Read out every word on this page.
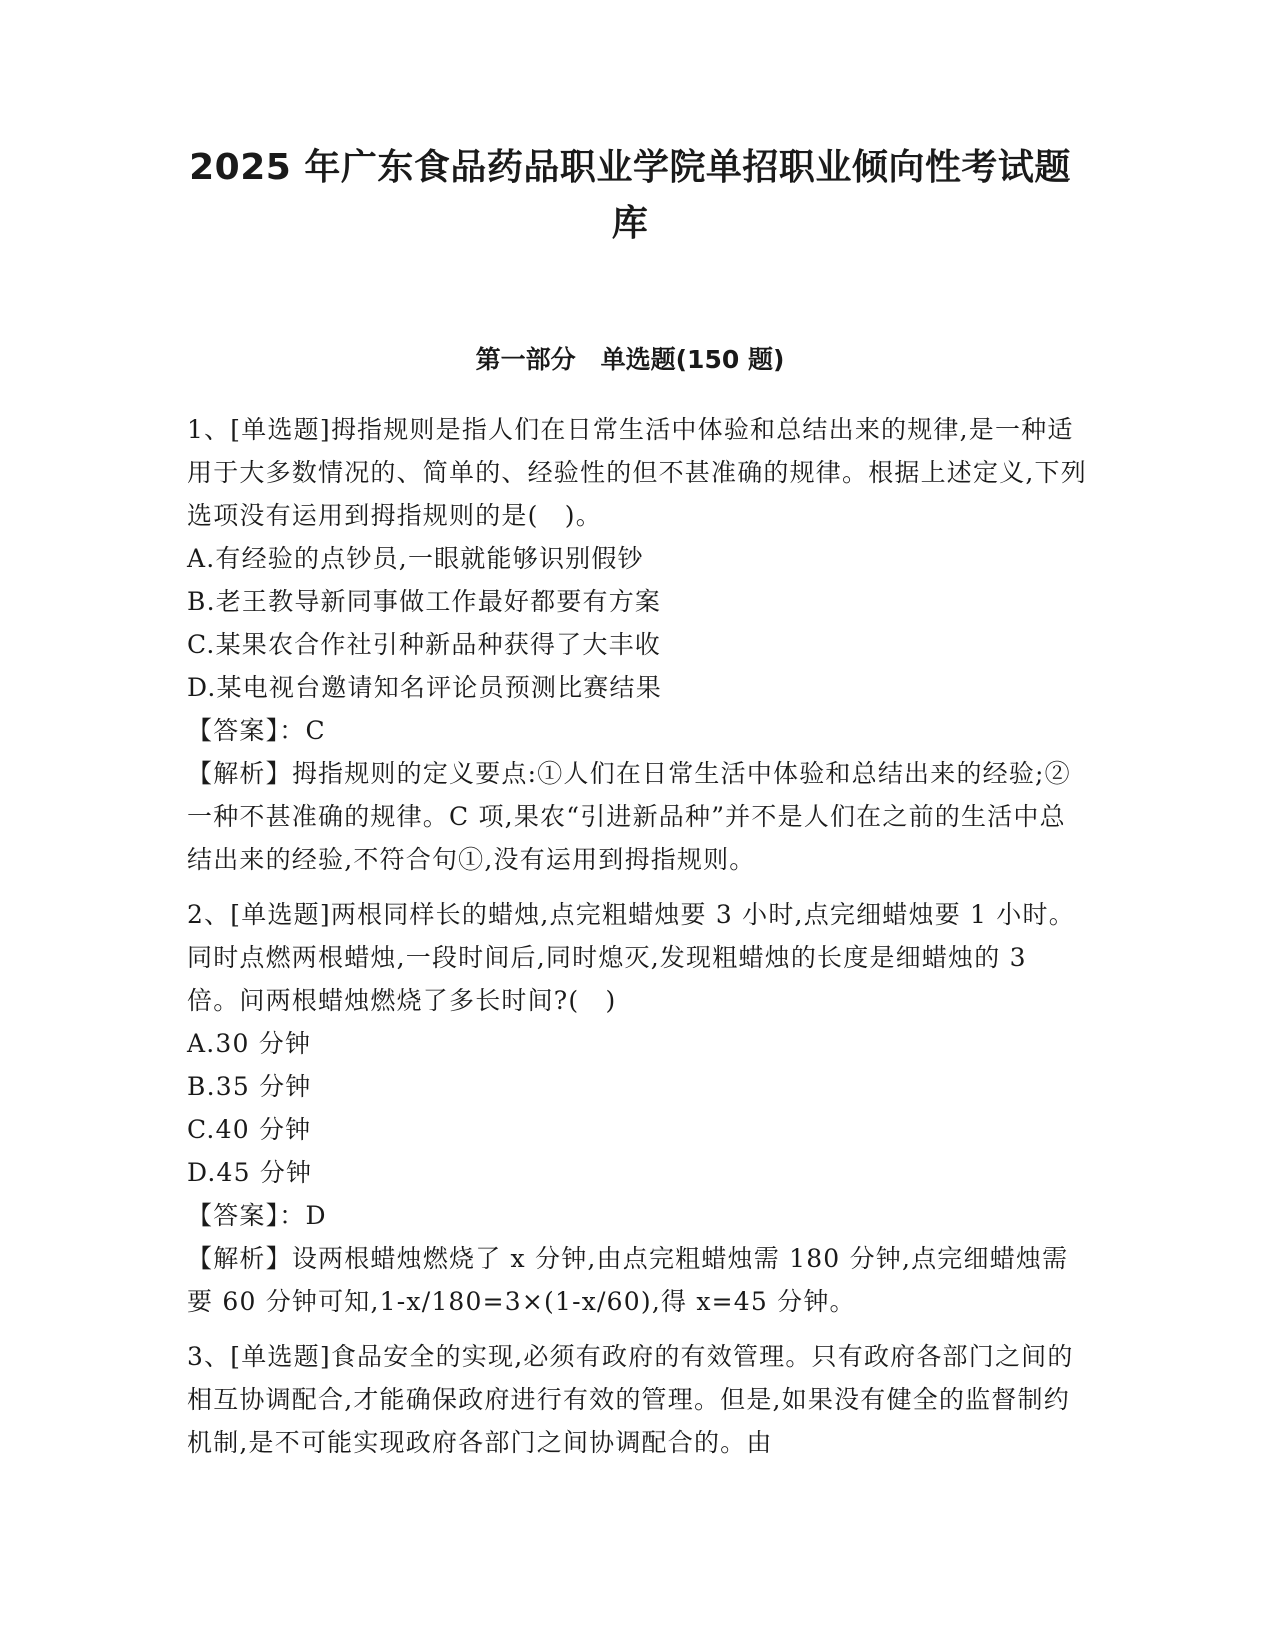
2025 年广东食品药品职业学院单招职业倾向性考试题库
第一部分　单选题(150 题)

1、[单选题]拇指规则是指人们在日常生活中体验和总结出来的规律,是一种适用于大多数情况的、简单的、经验性的但不甚准确的规律。根据上述定义,下列选项没有运用到拇指规则的是(　)。

A.有经验的点钞员,一眼就能够识别假钞

B.老王教导新同事做工作最好都要有方案

C.某果农合作社引种新品种获得了大丰收

D.某电视台邀请知名评论员预测比赛结果

【答案】：C

【解析】拇指规则的定义要点:①人们在日常生活中体验和总结出来的经验;②一种不甚准确的规律。C 项,果农“引进新品种”并不是人们在之前的生活中总结出来的经验,不符合句①,没有运用到拇指规则。

2、[单选题]两根同样长的蜡烛,点完粗蜡烛要 3 小时,点完细蜡烛要 1 小时。同时点燃两根蜡烛,一段时间后,同时熄灭,发现粗蜡烛的长度是细蜡烛的 3 倍。问两根蜡烛燃烧了多长时间?(　)

A.30 分钟

B.35 分钟

C.40 分钟

D.45 分钟

【答案】：D

【解析】设两根蜡烛燃烧了 x 分钟,由点完粗蜡烛需 180 分钟,点完细蜡烛需要 60 分钟可知,1-x/180=3×(1-x/60),得 x=45 分钟。

3、[单选题]食品安全的实现,必须有政府的有效管理。只有政府各部门之间的相互协调配合,才能确保政府进行有效的管理。但是,如果没有健全的监督制约机制,是不可能实现政府各部门之间协调配合的。由
